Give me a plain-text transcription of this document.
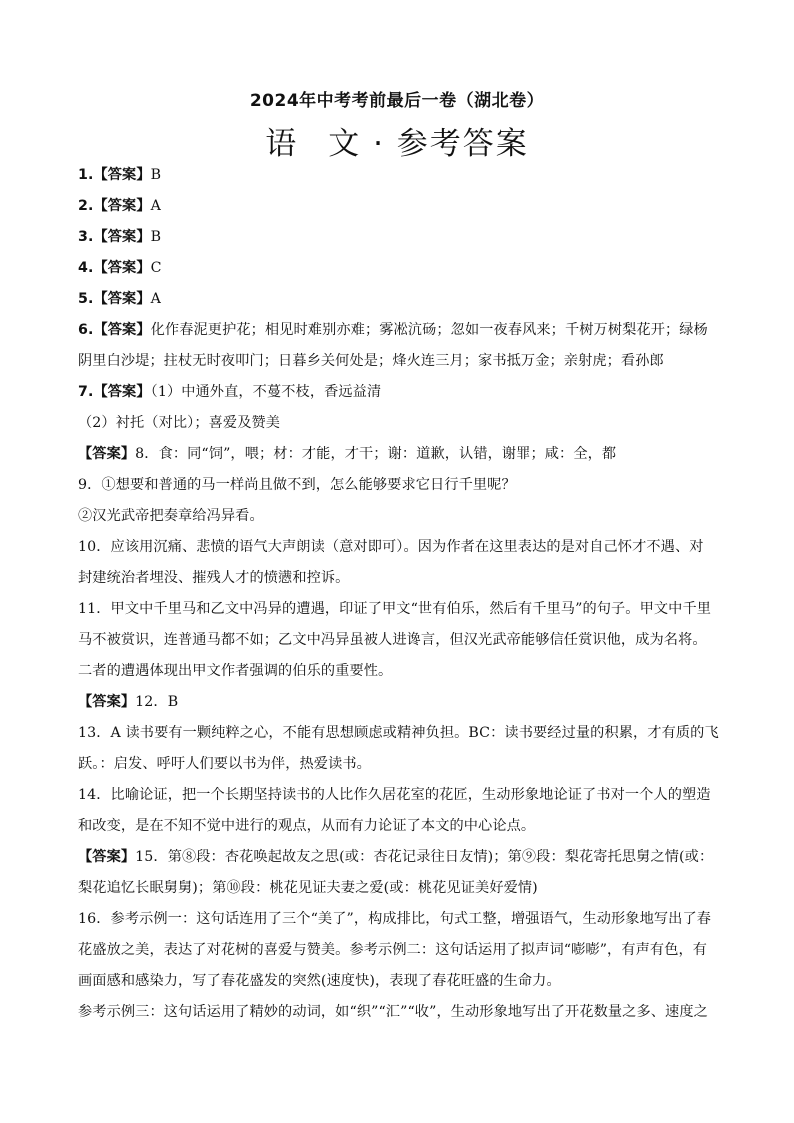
2024年中考考前最后一卷（湖北卷）
语 文 · 参考答案
1.【答案】B
2.【答案】A
3.【答案】B
4.【答案】C
5.【答案】A
6.【答案】化作春泥更护花；相见时难别亦难；雾凇沆砀；忽如一夜春风来；千树万树梨花开；绿杨
阴里白沙堤；拄杖无时夜叩门；日暮乡关何处是；烽火连三月；家书抵万金；亲射虎；看孙郎
7.【答案】（1）中通外直，不蔓不枝，香远益清
（2）衬托（对比）；喜爱及赞美
【答案】8．食：同“饲”，喂；材：才能，才干；谢：道歉，认错，谢罪；咸：全，都
9．①想要和普通的马一样尚且做不到，怎么能够要求它日行千里呢？
②汉光武帝把奏章给冯异看。
10．应该用沉痛、悲愤的语气大声朗读（意对即可）。因为作者在这里表达的是对自己怀才不遇、对
封建统治者埋没、摧残人才的愤懑和控诉。
11．甲文中千里马和乙文中冯异的遭遇，印证了甲文“世有伯乐，然后有千里马”的句子。甲文中千里
马不被赏识，连普通马都不如；乙文中冯异虽被人进谗言，但汉光武帝能够信任赏识他，成为名将。
二者的遭遇体现出甲文作者强调的伯乐的重要性。
【答案】12．B
13．A 读书要有一颗纯粹之心，不能有思想顾虑或精神负担。BC：读书要经过量的积累，才有质的飞
跃。：启发、呼吁人们要以书为伴，热爱读书。
14．比喻论证，把一个长期坚持读书的人比作久居花室的花匠，生动形象地论证了书对一个人的塑造
和改变，是在不知不觉中进行的观点，从而有力论证了本文的中心论点。
【答案】15．第⑧段：杏花唤起故友之思(或：杏花记录往日友情)；第⑨段：梨花寄托思舅之情(或：
梨花追忆长眠舅舅)；第⑩段：桃花见证夫妻之爱(或：桃花见证美好爱情)
16．参考示例一：这句话连用了三个“美了”，构成排比，句式工整，增强语气，生动形象地写出了春
花盛放之美，表达了对花树的喜爱与赞美。参考示例二：这句话运用了拟声词“嘭嘭”，有声有色，有
画面感和感染力，写了春花盛发的突然(速度快)，表现了春花旺盛的生命力。
参考示例三：这句话运用了精妙的动词，如“织”“汇”“收”，生动形象地写出了开花数量之多、速度之
